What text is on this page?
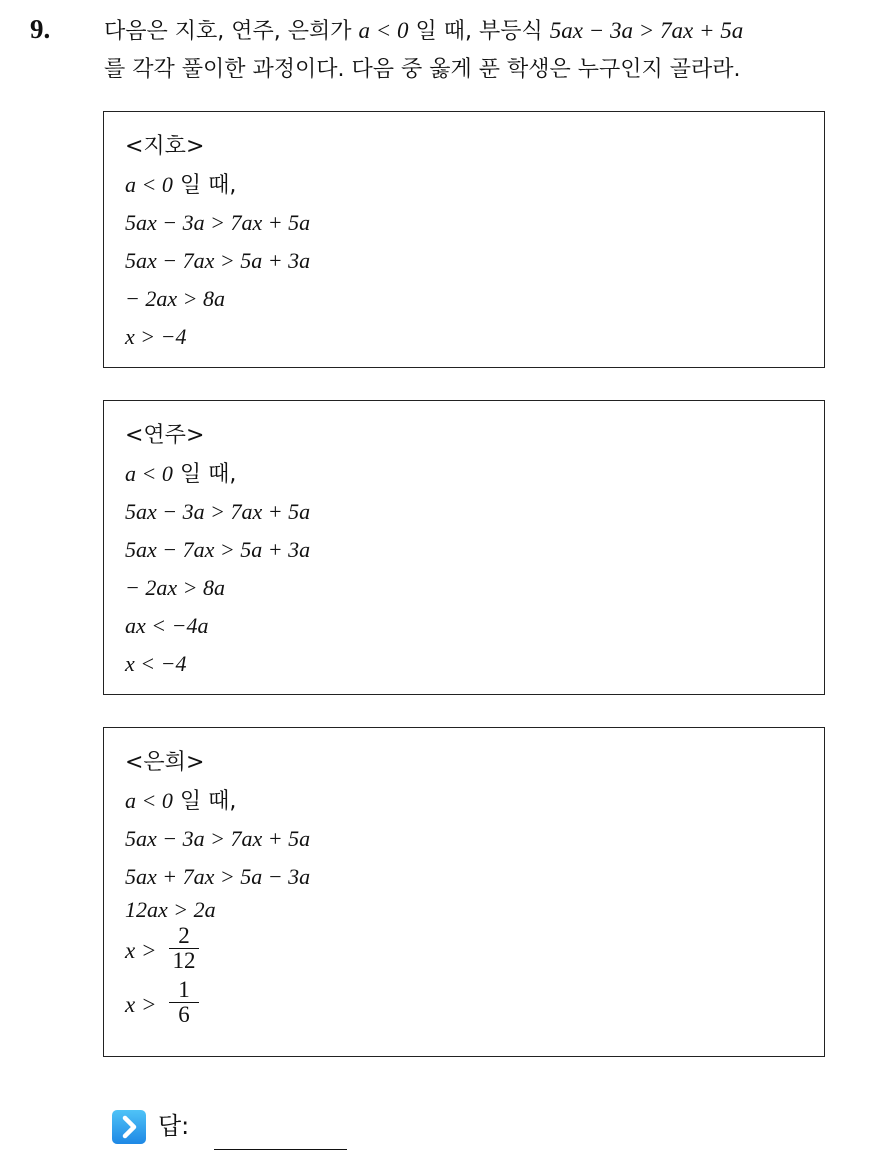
9. 다음은 지호, 연주, 은희가 a < 0 일 때, 부등식 5ax − 3a > 7ax + 5a
를 각각 풀이한 과정이다. 다음 중 옳게 푼 학생은 누구인지 골라라.
<지호>
a < 0 일 때,
5ax − 3a > 7ax + 5a
5ax − 7ax > 5a + 3a
− 2ax > 8a
x > −4
<연주>
a < 0 일 때,
5ax − 3a > 7ax + 5a
5ax − 7ax > 5a + 3a
− 2ax > 8a
ax < −4a
x < −4
<은희>
a < 0 일 때,
5ax − 3a > 7ax + 5a
5ax + 7ax > 5a − 3a
12ax > 2a
$x > \frac{2}{12}$
$x > \frac{1}{6}$
답:
